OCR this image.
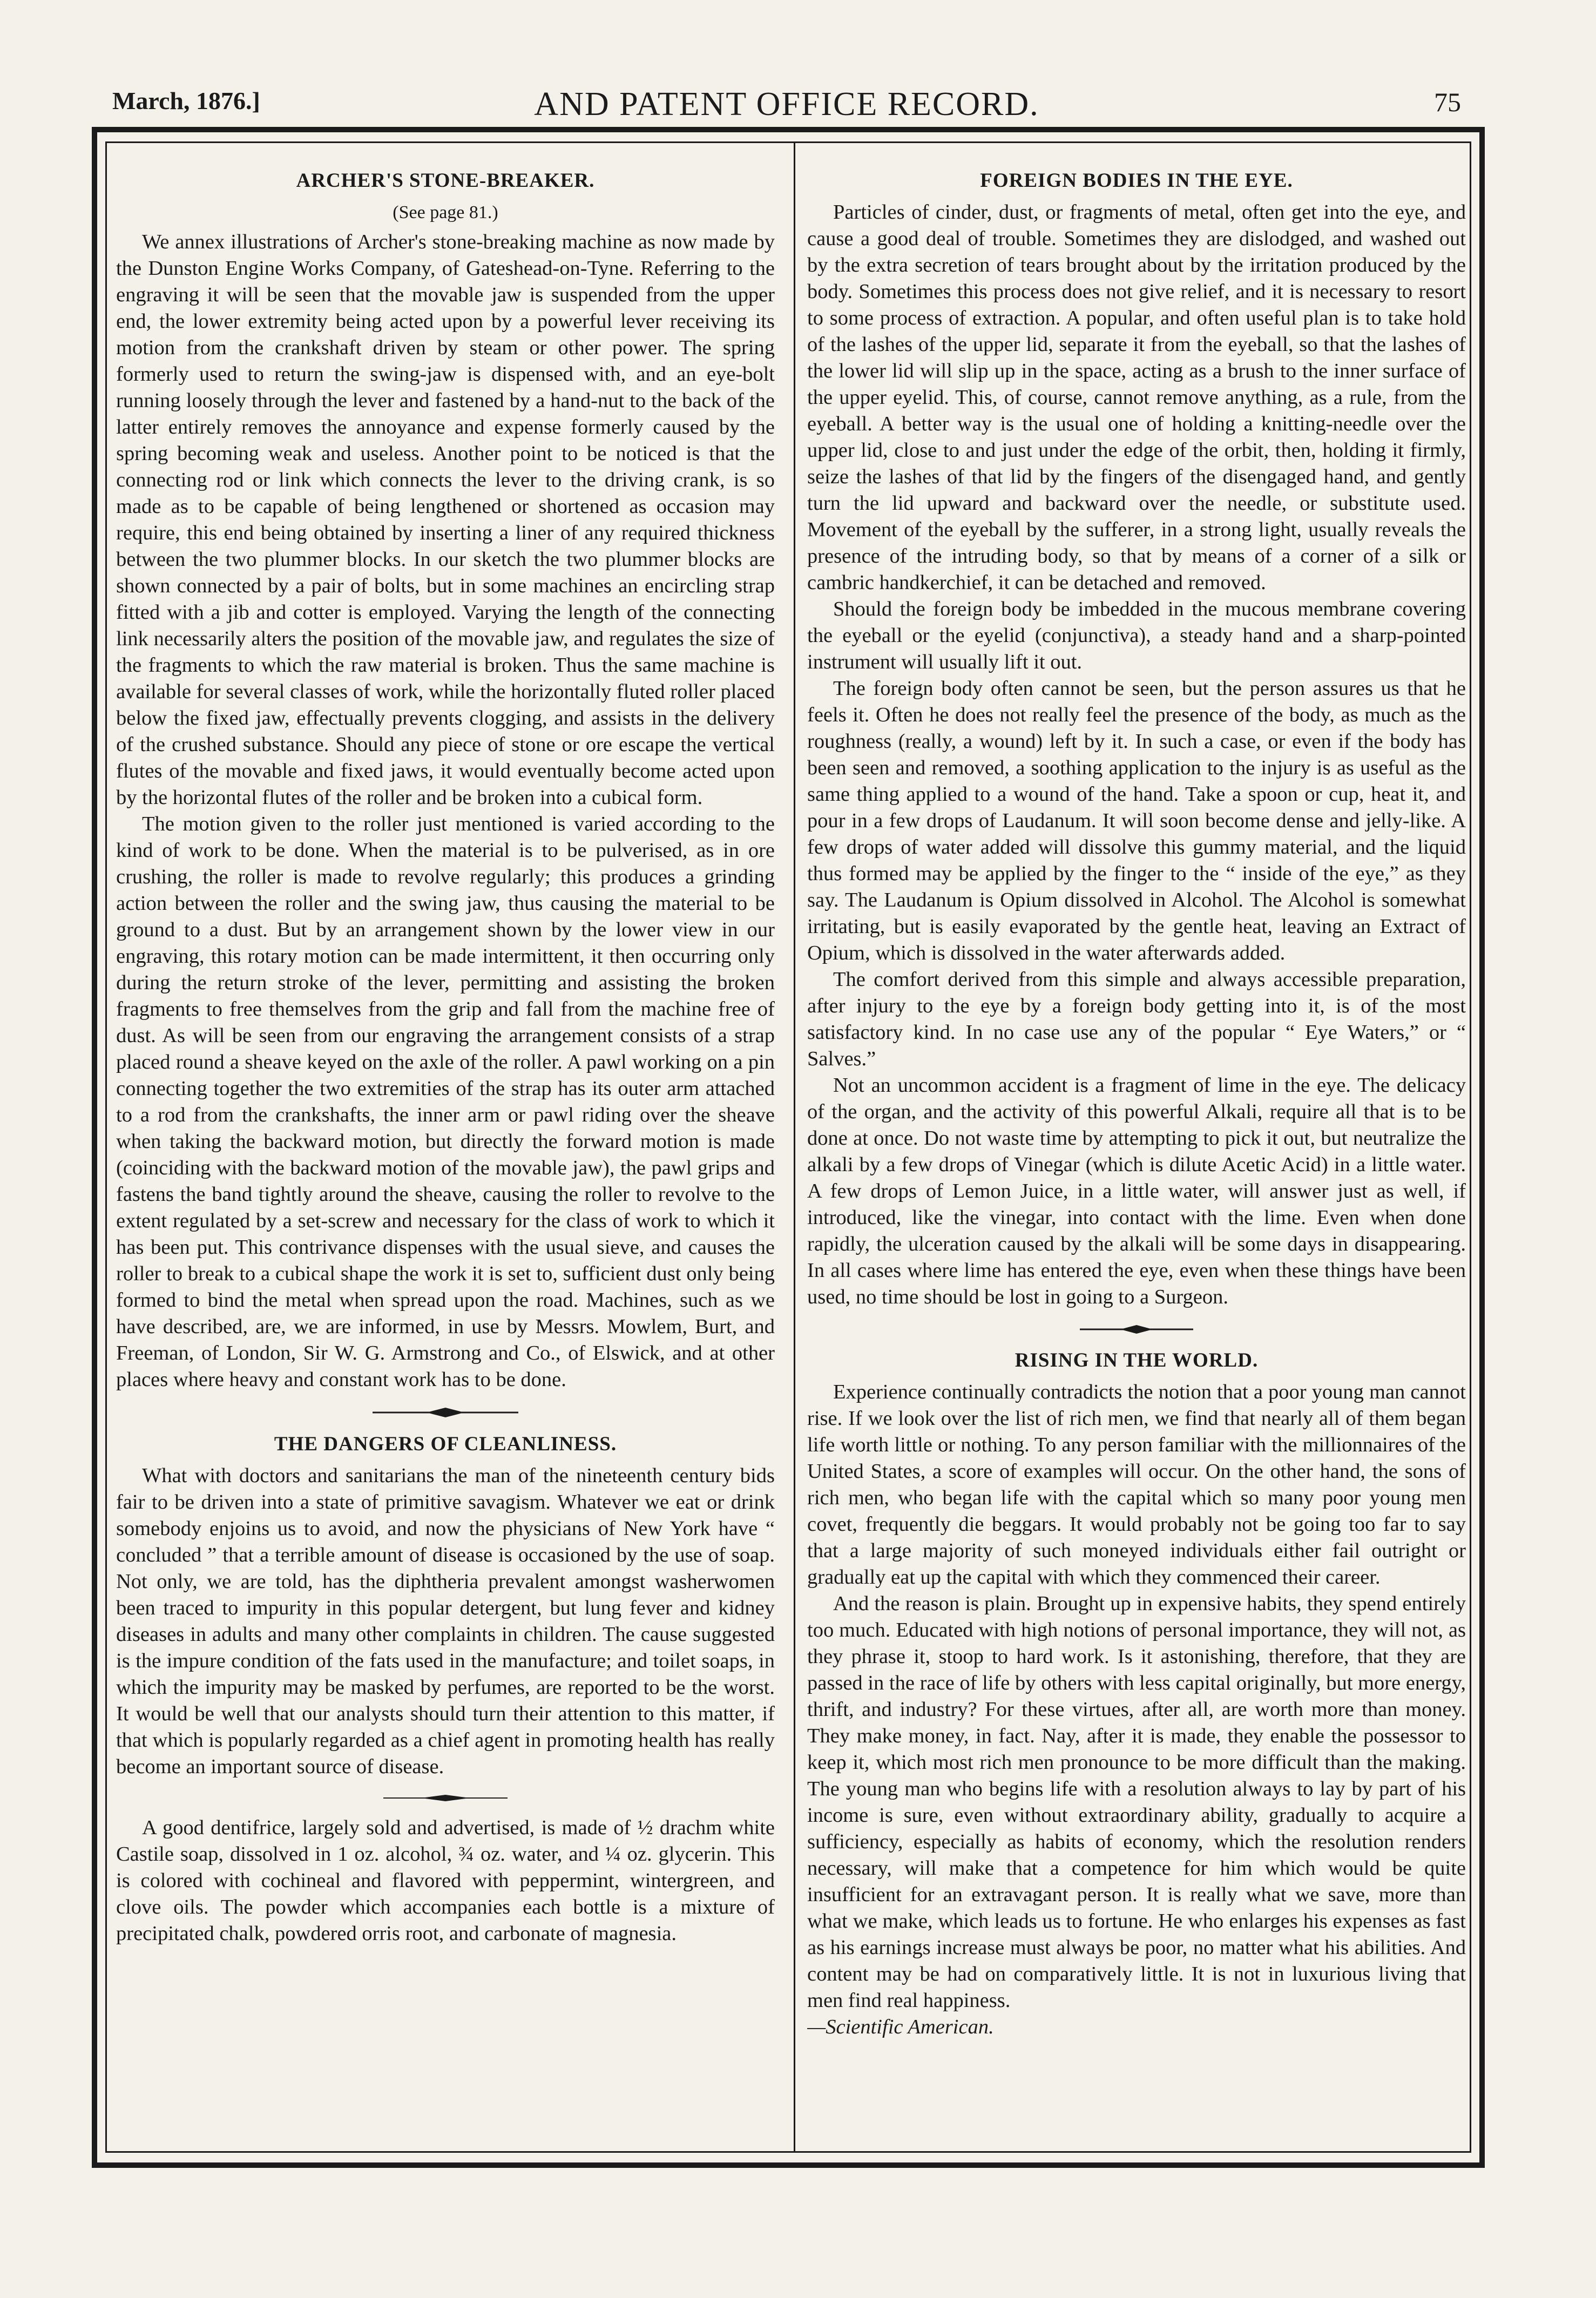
March, 1876.]	AND PATENT OFFICE RECORD.	75
ARCHER'S STONE-BREAKER.
(See page 81.)

We annex illustrations of Archer's stone-breaking machine as now made by the Dunston Engine Works Company, of Gateshead-on-Tyne. Referring to the engraving it will be seen that the movable jaw is suspended from the upper end, the lower extremity being acted upon by a powerful lever receiving its motion from the crankshaft driven by steam or other power. The spring formerly used to return the swing-jaw is dispensed with, and an eye-bolt running loosely through the lever and fastened by a hand-nut to the back of the latter entirely removes the annoyance and expense formerly caused by the spring becoming weak and useless. Another point to be noticed is that the connecting rod or link which connects the lever to the driving crank, is so made as to be capable of being lengthened or shortened as occasion may require, this end being obtained by inserting a liner of any required thickness between the two plummer blocks. In our sketch the two plummer blocks are shown connected by a pair of bolts, but in some machines an encircling strap fitted with a jib and cotter is employed. Varying the length of the connecting link necessarily alters the position of the movable jaw, and regulates the size of the fragments to which the raw material is broken. Thus the same machine is available for several classes of work, while the horizontally fluted roller placed below the fixed jaw, effectually prevents clogging, and assists in the delivery of the crushed substance. Should any piece of stone or ore escape the vertical flutes of the movable and fixed jaws, it would eventually become acted upon by the horizontal flutes of the roller and be broken into a cubical form.

The motion given to the roller just mentioned is varied according to the kind of work to be done. When the material is to be pulverised, as in ore crushing, the roller is made to revolve regularly; this produces a grinding action between the roller and the swing jaw, thus causing the material to be ground to a dust. But by an arrangement shown by the lower view in our engraving, this rotary motion can be made intermittent, it then occurring only during the return stroke of the lever, permitting and assisting the broken fragments to free themselves from the grip and fall from the machine free of dust. As will be seen from our engraving the arrangement consists of a strap placed round a sheave keyed on the axle of the roller. A pawl working on a pin connecting together the two extremities of the strap has its outer arm attached to a rod from the crankshafts, the inner arm or pawl riding over the sheave when taking the backward motion, but directly the forward motion is made (coinciding with the backward motion of the movable jaw), the pawl grips and fastens the band tightly around the sheave, causing the roller to revolve to the extent regulated by a set-screw and necessary for the class of work to which it has been put. This contrivance dispenses with the usual sieve, and causes the roller to break to a cubical shape the work it is set to, sufficient dust only being formed to bind the metal when spread upon the road. Machines, such as we have described, are, we are informed, in use by Messrs. Mowlem, Burt, and Freeman, of London, Sir W. G. Armstrong and Co., of Elswick, and at other places where heavy and constant work has to be done.

THE DANGERS OF CLEANLINESS.

What with doctors and sanitarians the man of the nineteenth century bids fair to be driven into a state of primitive savagism. Whatever we eat or drink somebody enjoins us to avoid, and now the physicians of New York have “ concluded ” that a terrible amount of disease is occasioned by the use of soap. Not only, we are told, has the diphtheria prevalent amongst washerwomen been traced to impurity in this popular detergent, but lung fever and kidney diseases in adults and many other complaints in children. The cause suggested is the impure condition of the fats used in the manufacture; and toilet soaps, in which the impurity may be masked by perfumes, are reported to be the worst. It would be well that our analysts should turn their attention to this matter, if that which is popularly regarded as a chief agent in promoting health has really become an important source of disease.

A good dentifrice, largely sold and advertised, is made of ½ drachm white Castile soap, dissolved in 1 oz. alcohol, ¾ oz. water, and ¼ oz. glycerin. This is colored with cochineal and flavored with peppermint, wintergreen, and clove oils. The powder which accompanies each bottle is a mixture of precipitated chalk, powdered orris root, and carbonate of magnesia.

FOREIGN BODIES IN THE EYE.

Particles of cinder, dust, or fragments of metal, often get into the eye, and cause a good deal of trouble. Sometimes they are dislodged, and washed out by the extra secretion of tears brought about by the irritation produced by the body. Sometimes this process does not give relief, and it is necessary to resort to some process of extraction. A popular, and often useful plan is to take hold of the lashes of the upper lid, separate it from the eyeball, so that the lashes of the lower lid will slip up in the space, acting as a brush to the inner surface of the upper eyelid. This, of course, cannot remove anything, as a rule, from the eyeball. A better way is the usual one of holding a knitting-needle over the upper lid, close to and just under the edge of the orbit, then, holding it firmly, seize the lashes of that lid by the fingers of the disengaged hand, and gently turn the lid upward and backward over the needle, or substitute used. Movement of the eyeball by the sufferer, in a strong light, usually reveals the presence of the intruding body, so that by means of a corner of a silk or cambric handkerchief, it can be detached and removed.

Should the foreign body be imbedded in the mucous membrane covering the eyeball or the eyelid (conjunctiva), a steady hand and a sharp-pointed instrument will usually lift it out.

The foreign body often cannot be seen, but the person assures us that he feels it. Often he does not really feel the presence of the body, as much as the roughness (really, a wound) left by it. In such a case, or even if the body has been seen and removed, a soothing application to the injury is as useful as the same thing applied to a wound of the hand. Take a spoon or cup, heat it, and pour in a few drops of Laudanum. It will soon become dense and jelly-like. A few drops of water added will dissolve this gummy material, and the liquid thus formed may be applied by the finger to the “ inside of the eye,” as they say. The Laudanum is Opium dissolved in Alcohol. The Alcohol is somewhat irritating, but is easily evaporated by the gentle heat, leaving an Extract of Opium, which is dissolved in the water afterwards added.

The comfort derived from this simple and always accessible preparation, after injury to the eye by a foreign body getting into it, is of the most satisfactory kind. In no case use any of the popular “ Eye Waters,” or “ Salves.”

Not an uncommon accident is a fragment of lime in the eye. The delicacy of the organ, and the activity of this powerful Alkali, require all that is to be done at once. Do not waste time by attempting to pick it out, but neutralize the alkali by a few drops of Vinegar (which is dilute Acetic Acid) in a little water. A few drops of Lemon Juice, in a little water, will answer just as well, if introduced, like the vinegar, into contact with the lime. Even when done rapidly, the ulceration caused by the alkali will be some days in disappearing. In all cases where lime has entered the eye, even when these things have been used, no time should be lost in going to a Surgeon.

RISING IN THE WORLD.

Experience continually contradicts the notion that a poor young man cannot rise. If we look over the list of rich men, we find that nearly all of them began life worth little or nothing. To any person familiar with the millionnaires of the United States, a score of examples will occur. On the other hand, the sons of rich men, who began life with the capital which so many poor young men covet, frequently die beggars. It would probably not be going too far to say that a large majority of such moneyed individuals either fail outright or gradually eat up the capital with which they commenced their career.

And the reason is plain. Brought up in expensive habits, they spend entirely too much. Educated with high notions of personal importance, they will not, as they phrase it, stoop to hard work. Is it astonishing, therefore, that they are passed in the race of life by others with less capital originally, but more energy, thrift, and industry? For these virtues, after all, are worth more than money. They make money, in fact. Nay, after it is made, they enable the possessor to keep it, which most rich men pronounce to be more difficult than the making. The young man who begins life with a resolution always to lay by part of his income is sure, even without extraordinary ability, gradually to acquire a sufficiency, especially as habits of economy, which the resolution renders necessary, will make that a competence for him which would be quite insufficient for an extravagant person. It is really what we save, more than what we make, which leads us to fortune. He who enlarges his expenses as fast as his earnings increase must always be poor, no matter what his abilities. And content may be had on comparatively little. It is not in luxurious living that men find real happiness.

—Scientific American.
